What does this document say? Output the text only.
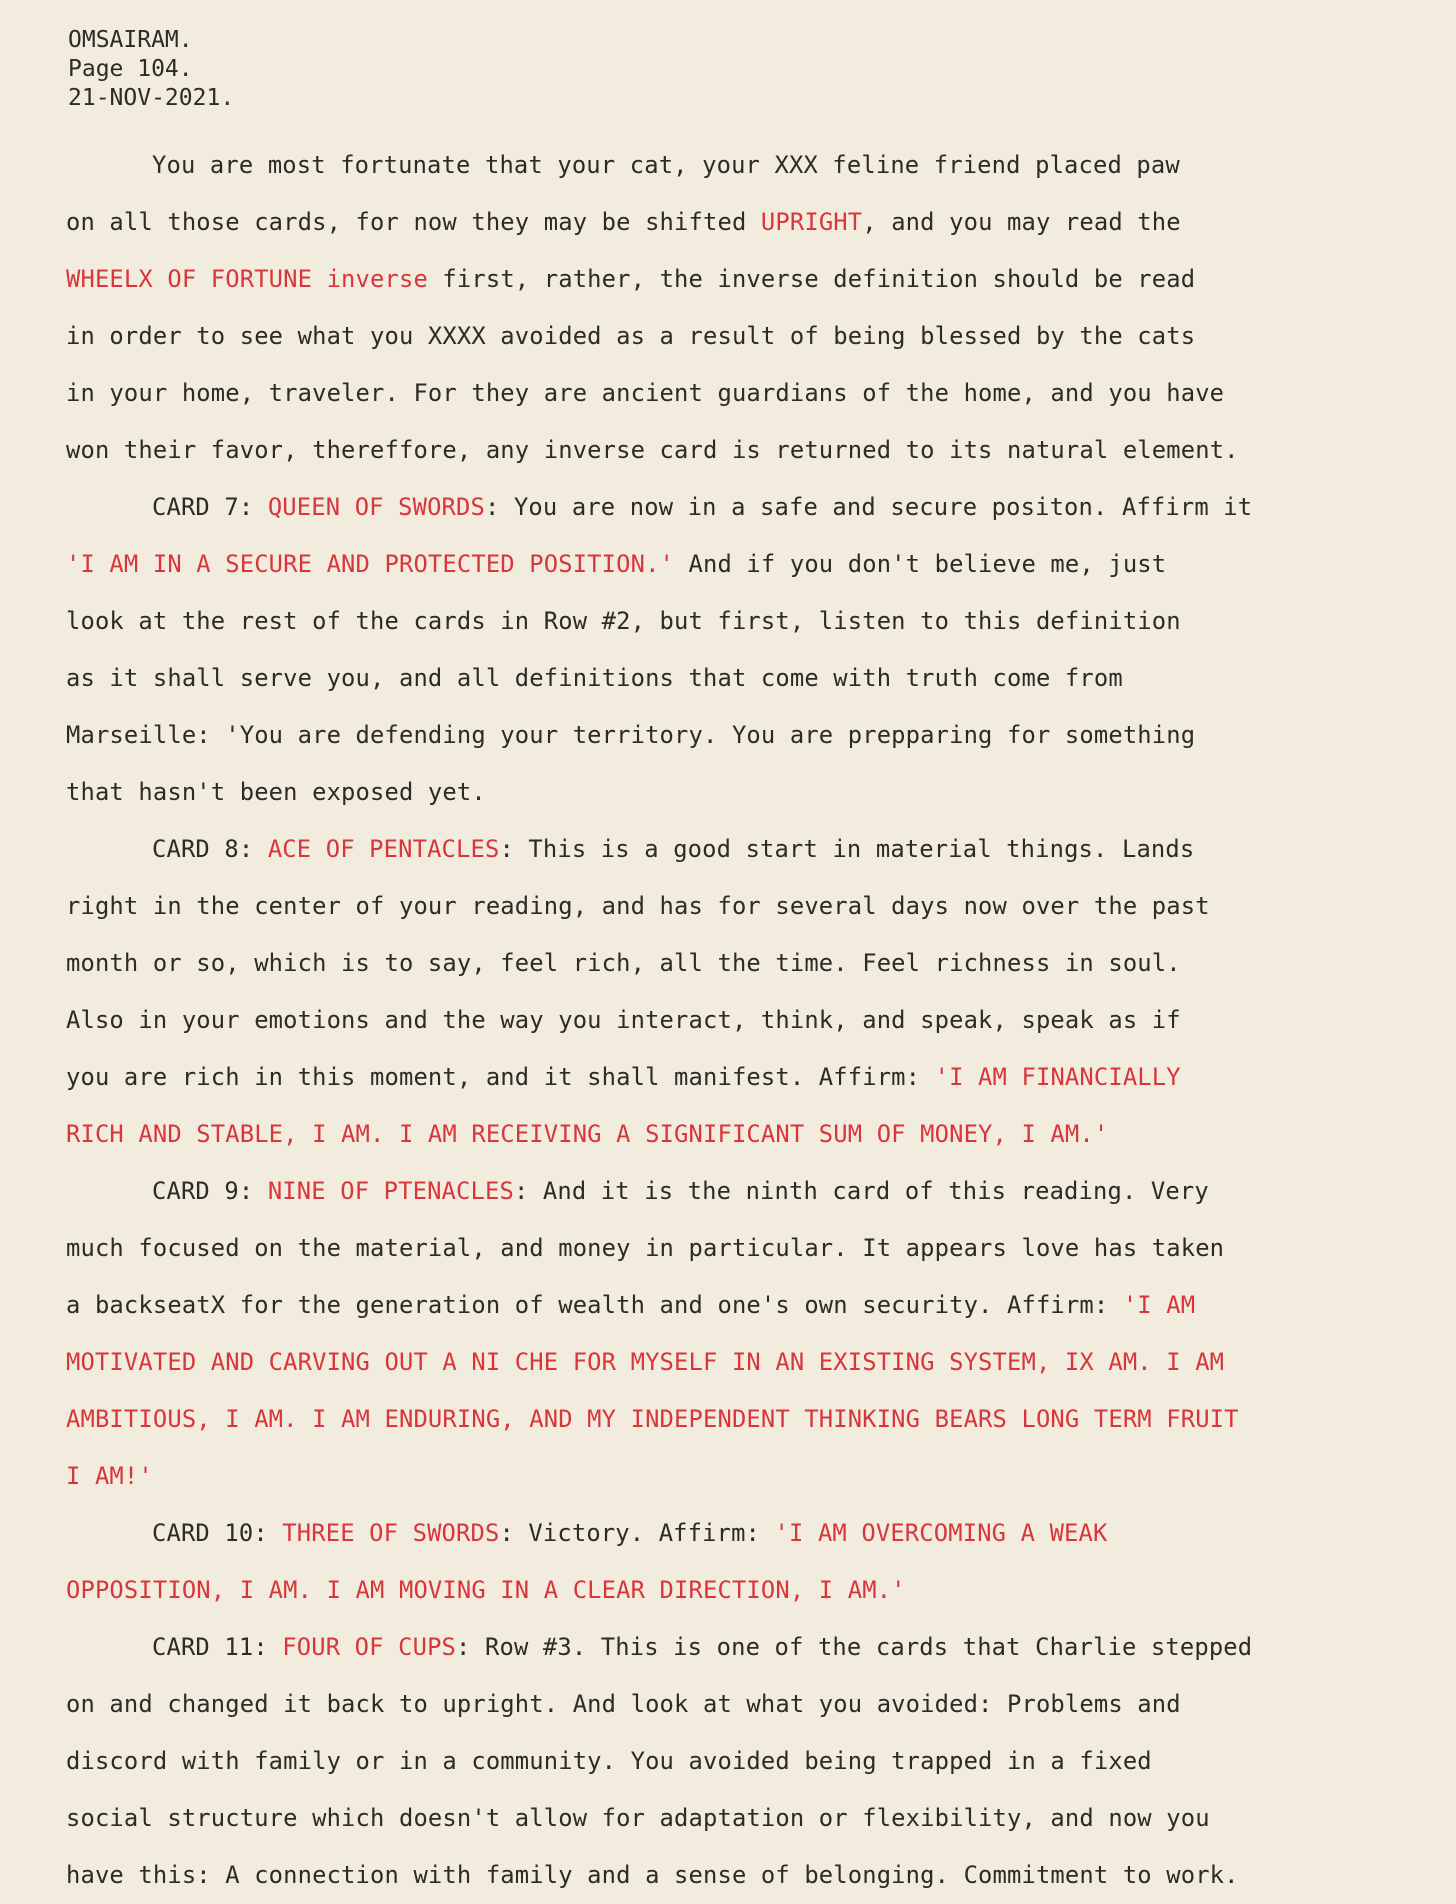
OMSAIRAM.
Page 104.
21-NOV-2021.
You are most fortunate that your cat, your XXX feline friend placed paw
on all those cards, for now they may be shifted UPRIGHT, and you may read the
WHEELX OF FORTUNE inverse first, rather, the inverse definition should be read
in order to see what you XXXX avoided as a result of being blessed by the cats
in your home, traveler. For they are ancient guardians of the home, and you have
won their favor, thereffore, any inverse card is returned to its natural element.
CARD 7: QUEEN OF SWORDS: You are now in a safe and secure positon. Affirm it
'I AM IN A SECURE AND PROTECTED POSITION.' And if you don't believe me, just
look at the rest of the cards in Row #2, but first, listen to this definition
as it shall serve you, and all definitions that come with truth come from
Marseille: 'You are defending your territory. You are prepparing for something
that hasn't been exposed yet.
CARD 8: ACE OF PENTACLES: This is a good start in material things. Lands
right in the center of your reading, and has for several days now over the past
month or so, which is to say, feel rich, all the time. Feel richness in soul.
Also in your emotions and the way you interact, think, and speak, speak as if
you are rich in this moment, and it shall manifest. Affirm: 'I AM FINANCIALLY
RICH AND STABLE, I AM. I AM RECEIVING A SIGNIFICANT SUM OF MONEY, I AM.'
CARD 9: NINE OF PTENACLES: And it is the ninth card of this reading. Very
much focused on the material, and money in particular. It appears love has taken
a backseatX for the generation of wealth and one's own security. Affirm: 'I AM
MOTIVATED AND CARVING OUT A NI CHE FOR MYSELF IN AN EXISTING SYSTEM, IX AM. I AM
AMBITIOUS, I AM. I AM ENDURING, AND MY INDEPENDENT THINKING BEARS LONG TERM FRUIT
I AM!'
CARD 10: THREE OF SWORDS: Victory. Affirm: 'I AM OVERCOMING A WEAK
OPPOSITION, I AM. I AM MOVING IN A CLEAR DIRECTION, I AM.'
CARD 11: FOUR OF CUPS: Row #3. This is one of the cards that Charlie stepped
on and changed it back to upright. And look at what you avoided: Problems and
discord with family or in a community. You avoided being trapped in a fixed
social structure which doesn't allow for adaptation or flexibility, and now you
have this: A connection with family and a sense of belonging. Commitment to work.
